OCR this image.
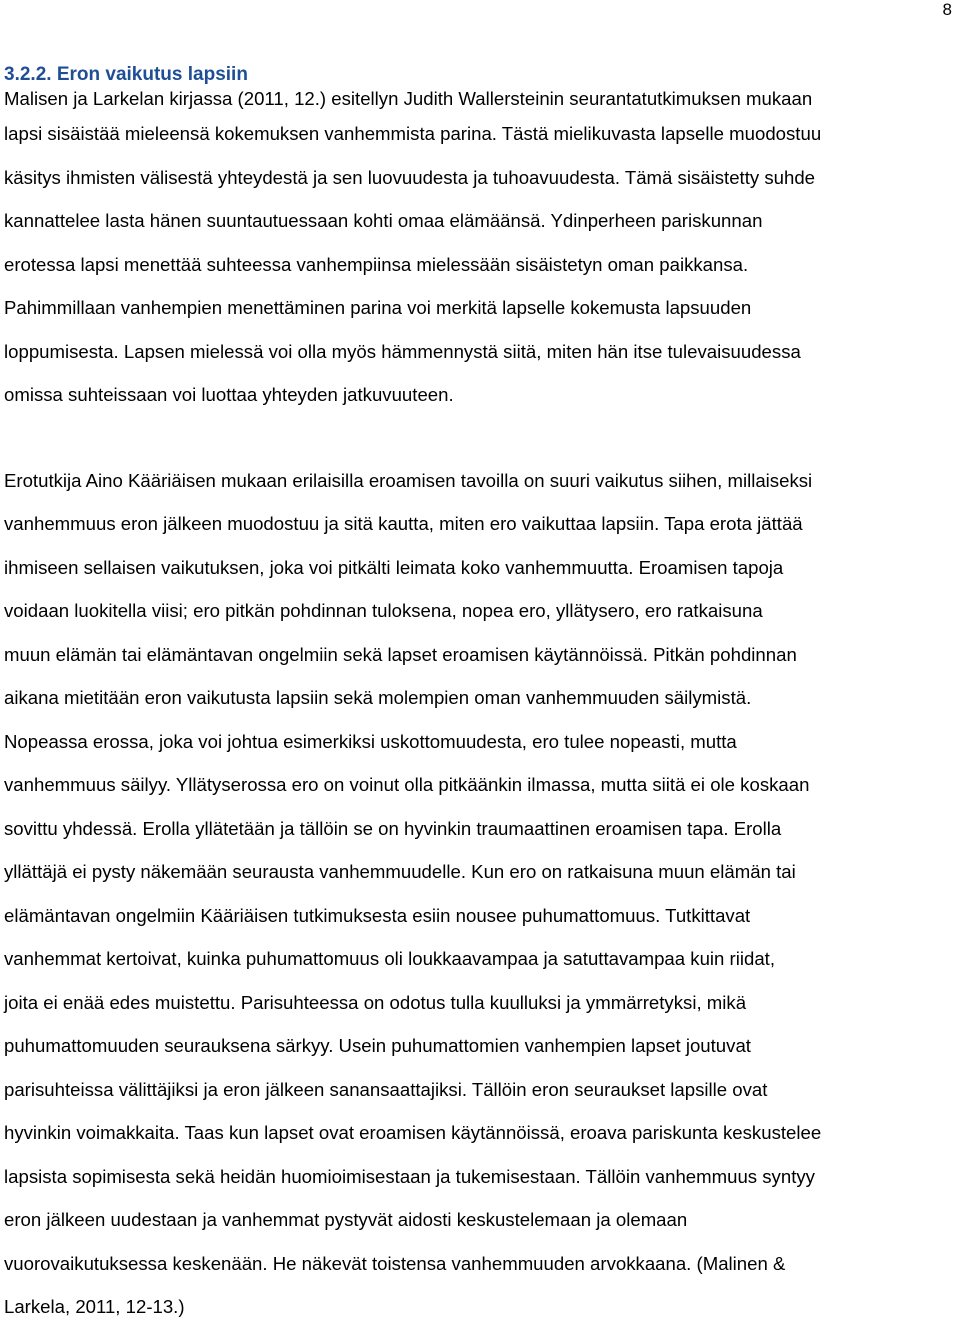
8
3.2.2. Eron vaikutus lapsiin

Malisen ja Larkelan kirjassa (2011, 12.) esitellyn Judith Wallersteinin seurantatutkimuksen mukaan

lapsi sisäistää mieleensä kokemuksen vanhemmista parina. Tästä mielikuvasta lapselle muodostuu

käsitys ihmisten välisestä yhteydestä ja sen luovuudesta ja tuhoavuudesta. Tämä sisäistetty suhde

kannattelee lasta hänen suuntautuessaan kohti omaa elämäänsä. Ydinperheen pariskunnan

erotessa lapsi menettää suhteessa vanhempiinsa mielessään sisäistetyn oman paikkansa.

Pahimmillaan vanhempien menettäminen parina voi merkitä lapselle kokemusta lapsuuden

loppumisesta. Lapsen mielessä voi olla myös hämmennystä siitä, miten hän itse tulevaisuudessa

omissa suhteissaan voi luottaa yhteyden jatkuvuuteen.

Erotutkija Aino Kääriäisen mukaan erilaisilla eroamisen tavoilla on suuri vaikutus siihen, millaiseksi

vanhemmuus eron jälkeen muodostuu ja sitä kautta, miten ero vaikuttaa lapsiin. Tapa erota jättää

ihmiseen sellaisen vaikutuksen, joka voi pitkälti leimata koko vanhemmuutta. Eroamisen tapoja

voidaan luokitella viisi; ero pitkän pohdinnan tuloksena, nopea ero, yllätysero, ero ratkaisuna

muun elämän tai elämäntavan ongelmiin sekä lapset eroamisen käytännöissä. Pitkän pohdinnan

aikana mietitään eron vaikutusta lapsiin sekä molempien oman vanhemmuuden säilymistä.

Nopeassa erossa, joka voi johtua esimerkiksi uskottomuudesta, ero tulee nopeasti, mutta

vanhemmuus säilyy. Yllätyserossa ero on voinut olla pitkäänkin ilmassa, mutta siitä ei ole koskaan

sovittu yhdessä. Erolla yllätetään ja tällöin se on hyvinkin traumaattinen eroamisen tapa. Erolla

yllättäjä ei pysty näkemään seurausta vanhemmuudelle. Kun ero on ratkaisuna muun elämän tai

elämäntavan ongelmiin Kääriäisen tutkimuksesta esiin nousee puhumattomuus. Tutkittavat

vanhemmat kertoivat, kuinka puhumattomuus oli loukkaavampaa ja satuttavampaa kuin riidat,

joita ei enää edes muistettu. Parisuhteessa on odotus tulla kuulluksi ja ymmärretyksi, mikä

puhumattomuuden seurauksena särkyy. Usein puhumattomien vanhempien lapset joutuvat

parisuhteissa välittäjiksi ja eron jälkeen sanansaattajiksi. Tällöin eron seuraukset lapsille ovat

hyvinkin voimakkaita. Taas kun lapset ovat eroamisen käytännöissä, eroava pariskunta keskustelee

lapsista sopimisesta sekä heidän huomioimisestaan ja tukemisestaan. Tällöin vanhemmuus syntyy

eron jälkeen uudestaan ja vanhemmat pystyvät aidosti keskustelemaan ja olemaan

vuorovaikutuksessa keskenään. He näkevät toistensa vanhemmuuden arvokkaana. (Malinen &

Larkela, 2011, 12-13.)
